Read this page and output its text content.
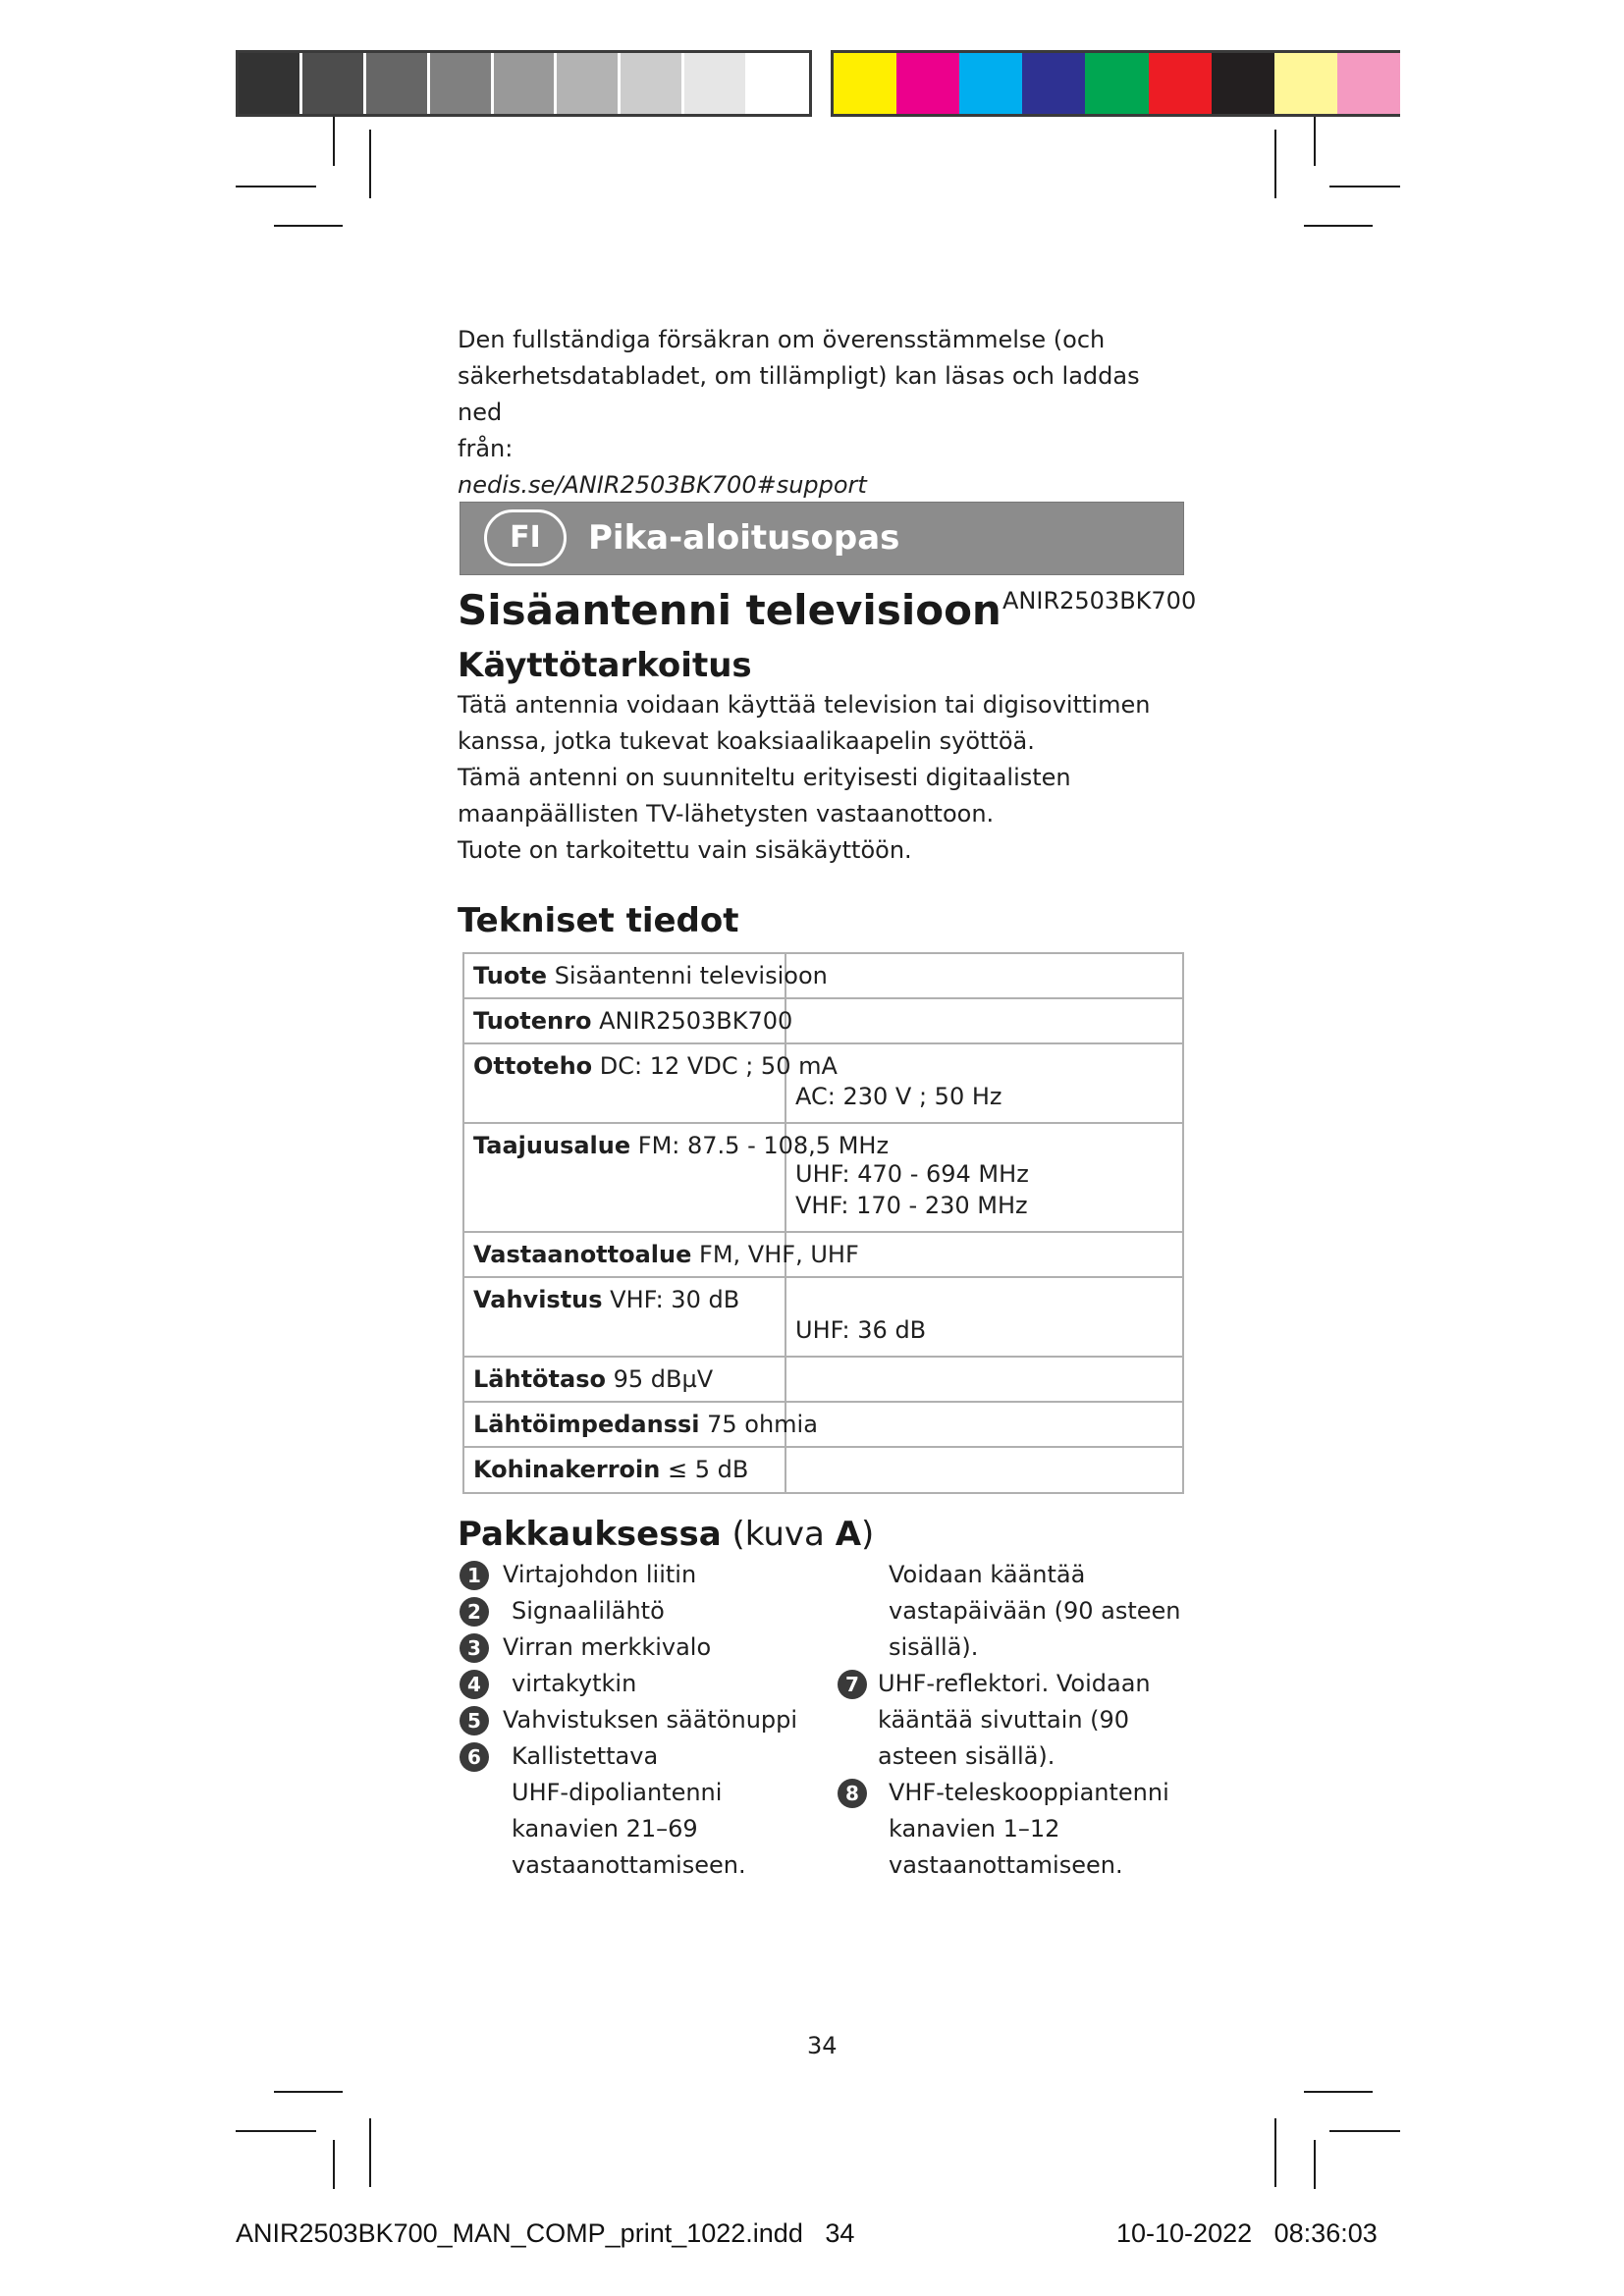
Den fullständiga försäkran om överensstämmelse (och

säkerhetsdatabladet, om tillämpligt) kan läsas och laddas ned

från:

nedis.se/ANIR2503BK700#support

FI	Pika-aloitusopas
Sisäantenni televisioon ANIR2503BK700
Käyttötarkoitus

Tätä antennia voidaan käyttää television tai digisovittimen

kanssa, jotka tukevat koaksiaalikaapelin syöttöä.

Tämä antenni on suunniteltu erityisesti digitaalisten

maanpäällisten TV-lähetysten vastaanottoon.

Tuote on tarkoitettu vain sisäkäyttöön.

Tekniset tiedot
Tuote Sisäantenni televisioon
Tuotenro ANIR2503BK700
Ottoteho DC: 12 VDC ; 50 mA
AC: 230 V ; 50 Hz
Taajuusalue FM: 87.5 - 108,5 MHz
UHF: 470 - 694 MHz
VHF: 170 - 230 MHz
Vastaanottoalue FM, VHF, UHF
Vahvistus VHF: 30 dB
UHF: 36 dB
Lähtötaso 95 dBµV
Lähtöimpedanssi 75 ohmia
Kohinakerroin ≤ 5 dB
Pakkauksessa (kuva A)
1 Virtajohdon liitin
2	Signaalilähtö
3 Virran merkkivalo
4	virtakytkin
5 Vahvistuksen säätönuppi
6	Kallistettava
UHF-dipoliantenni
kanavien 21–69
vastaanottamiseen.
Voidaan kääntää
vastapäivään (90 asteen
sisällä).
7 UHF-reflektori. Voidaan
kääntää sivuttain (90
asteen sisällä).
8	VHF-teleskooppiantenni
kanavien 1–12
vastaanottamiseen.
34
ANIR2503BK700_MAN_COMP_print_1022.indd 34	10-10-2022 08:36:03
